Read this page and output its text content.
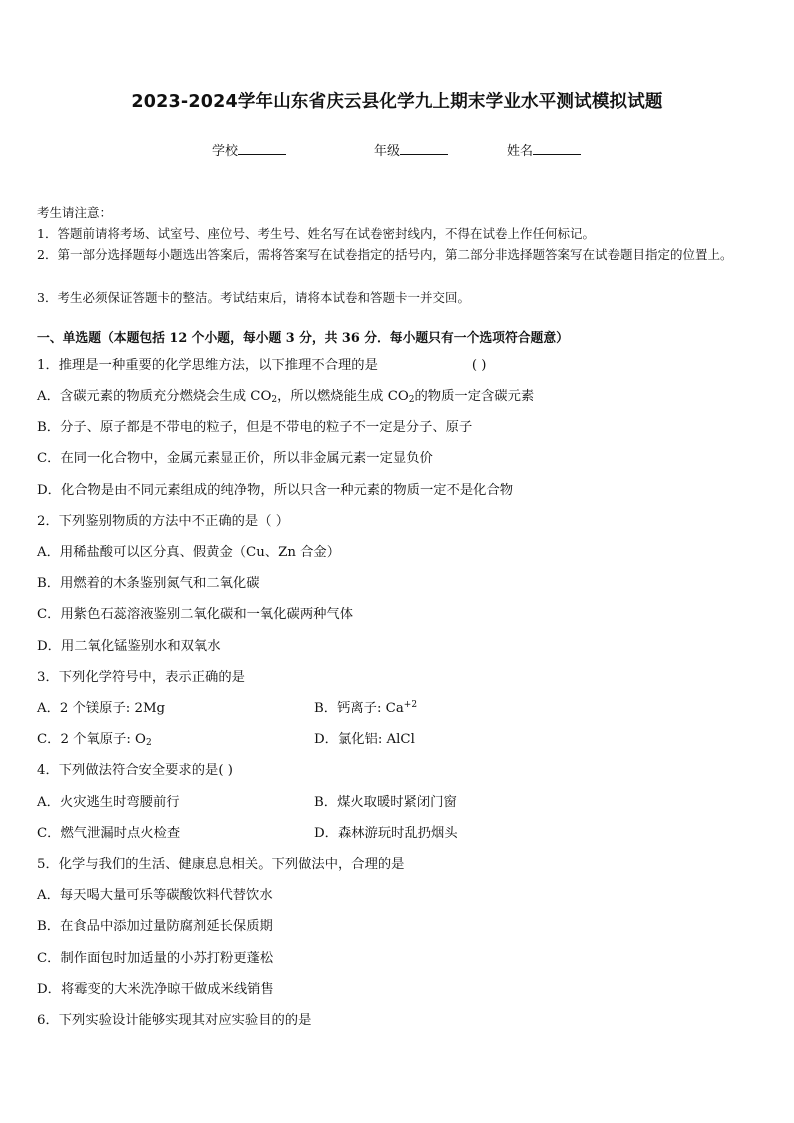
2023-2024学年山东省庆云县化学九上期末学业水平测试模拟试题
学校	年级	姓名
考生请注意：
1．答题前请将考场、试室号、座位号、考生号、姓名写在试卷密封线内，不得在试卷上作任何标记。
2．第一部分选择题每小题选出答案后，需将答案写在试卷指定的括号内，第二部分非选择题答案写在试卷题目指定的位置上。
3．考生必须保证答题卡的整洁。考试结束后，请将本试卷和答题卡一并交回。
一、单选题（本题包括 12 个小题，每小题 3 分，共 36 分．每小题只有一个选项符合题意）
1．推理是一种重要的化学思维方法，以下推理不合理的是	( )
A．含碳元素的物质充分燃烧会生成 $CO_2$，所以燃烧能生成 $CO_2$的物质一定含碳元素
B．分子、原子都是不带电的粒子，但是不带电的粒子不一定是分子、原子
C．在同一化合物中，金属元素显正价，所以非金属元素一定显负价
D．化合物是由不同元素组成的纯净物，所以只含一种元素的物质一定不是化合物
2．下列鉴别物质的方法中不正确的是（ ）
A．用稀盐酸可以区分真、假黄金（Cu、Zn 合金）
B．用燃着的木条鉴别氮气和二氧化碳
C．用紫色石蕊溶液鉴别二氧化碳和一氧化碳两种气体
D．用二氧化锰鉴别水和双氧水
3．下列化学符号中，表示正确的是
A．2 个镁原子: 2Mg	B．钙离子: $Ca^{+2}$
C．2 个氧原子: $O_2$	D．氯化铝: AlCl
4．下列做法符合安全要求的是( )
A．火灾逃生时弯腰前行	B．煤火取暖时紧闭门窗
C．燃气泄漏时点火检查	D．森林游玩时乱扔烟头
5．化学与我们的生活、健康息息相关。下列做法中，合理的是
A．每天喝大量可乐等碳酸饮料代替饮水
B．在食品中添加过量防腐剂延长保质期
C．制作面包时加适量的小苏打粉更蓬松
D．将霉变的大米洗净晾干做成米线销售
6．下列实验设计能够实现其对应实验目的的是
